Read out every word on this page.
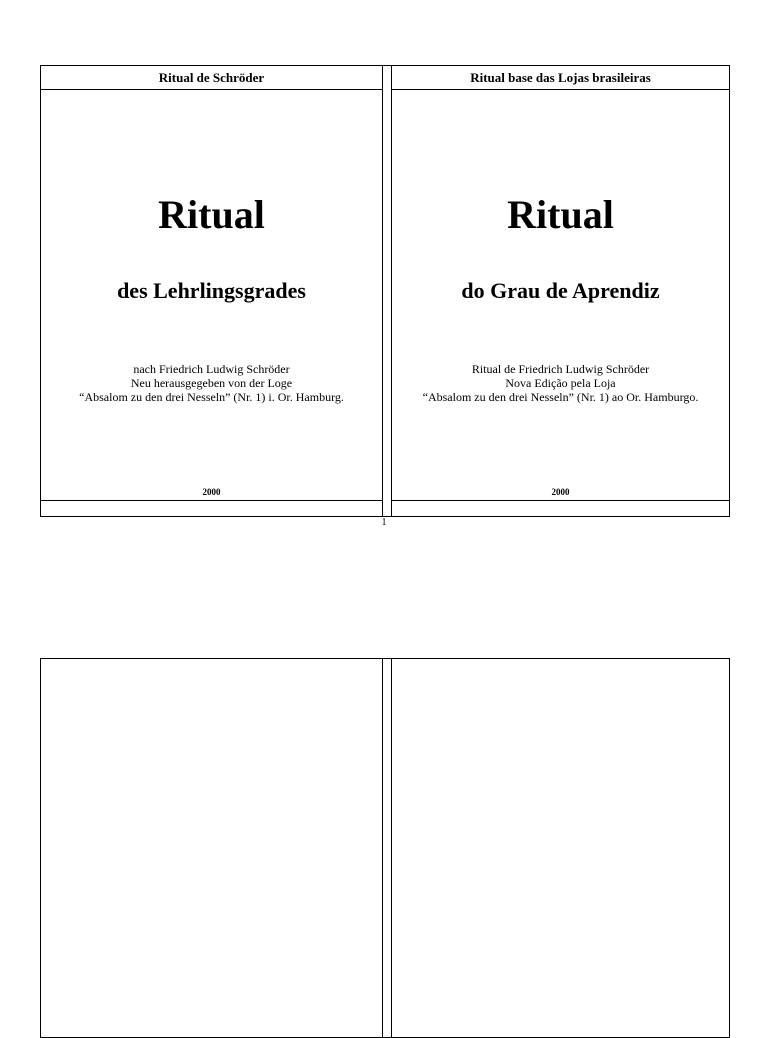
Ritual de Schröder
Ritual
des Lehrlingsgrades
nach Friedrich Ludwig Schröder
Neu herausgegeben von der Loge
“Absalom zu den drei Nesseln” (Nr. 1) i. Or. Hamburg.
2000
Ritual base das Lojas brasileiras
Ritual
do Grau de Aprendiz
Ritual de Friedrich Ludwig Schröder
Nova Edição pela Loja
“Absalom zu den drei Nesseln” (Nr. 1) ao Or. Hamburgo.
2000
1
